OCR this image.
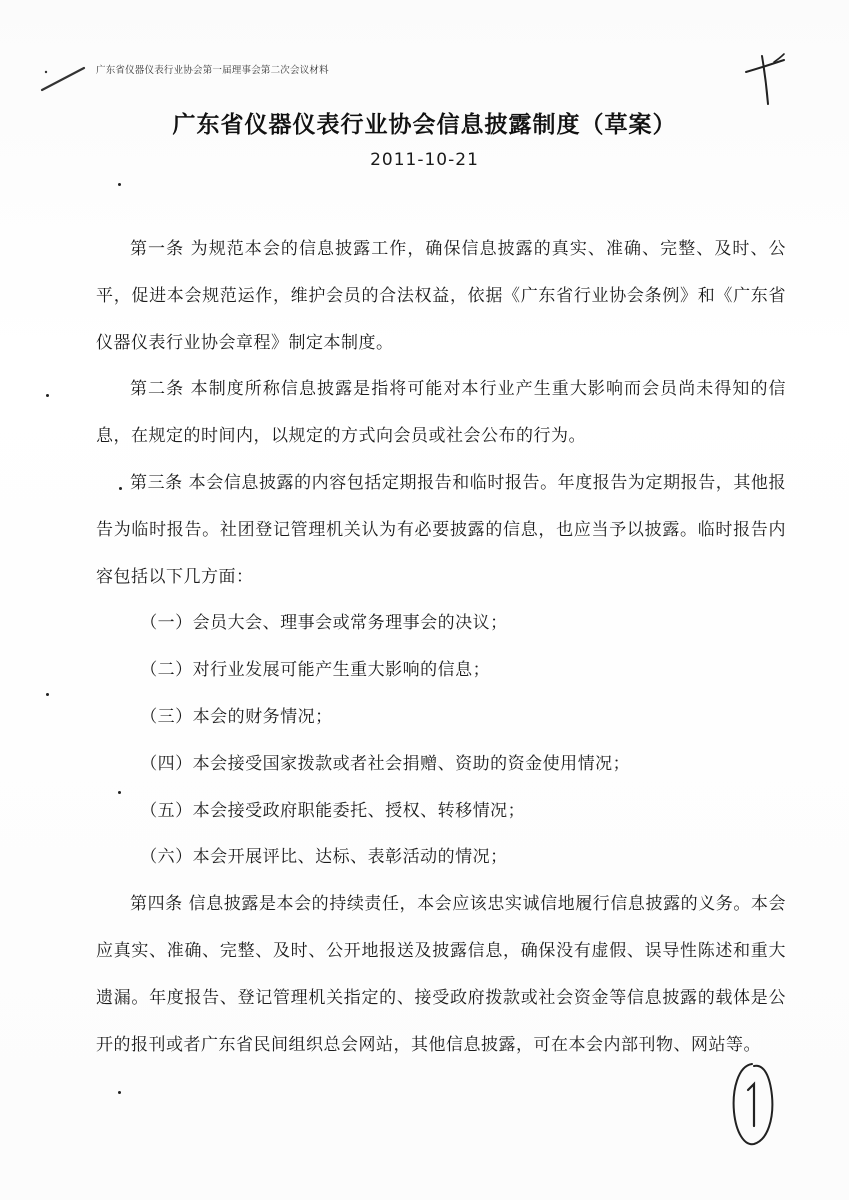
广东省仪器仪表行业协会第一届理事会第二次会议材料
广东省仪器仪表行业协会信息披露制度（草案）
2011-10-21

第一条 为规范本会的信息披露工作，确保信息披露的真实、准确、完整、及时、公平，促进本会规范运作，维护会员的合法权益，依据《广东省行业协会条例》和《广东省仪器仪表行业协会章程》制定本制度。

第二条 本制度所称信息披露是指将可能对本行业产生重大影响而会员尚未得知的信息，在规定的时间内，以规定的方式向会员或社会公布的行为。

第三条 本会信息披露的内容包括定期报告和临时报告。年度报告为定期报告，其他报告为临时报告。社团登记管理机关认为有必要披露的信息，也应当予以披露。临时报告内容包括以下几方面：

（一）会员大会、理事会或常务理事会的决议；

（二）对行业发展可能产生重大影响的信息；

（三）本会的财务情况；

（四）本会接受国家拨款或者社会捐赠、资助的资金使用情况；

（五）本会接受政府职能委托、授权、转移情况；

（六）本会开展评比、达标、表彰活动的情况；

第四条 信息披露是本会的持续责任，本会应该忠实诚信地履行信息披露的义务。本会应真实、准确、完整、及时、公开地报送及披露信息，确保没有虚假、误导性陈述和重大遗漏。年度报告、登记管理机关指定的、接受政府拨款或社会资金等信息披露的载体是公开的报刊或者广东省民间组织总会网站，其他信息披露，可在本会内部刊物、网站等。
